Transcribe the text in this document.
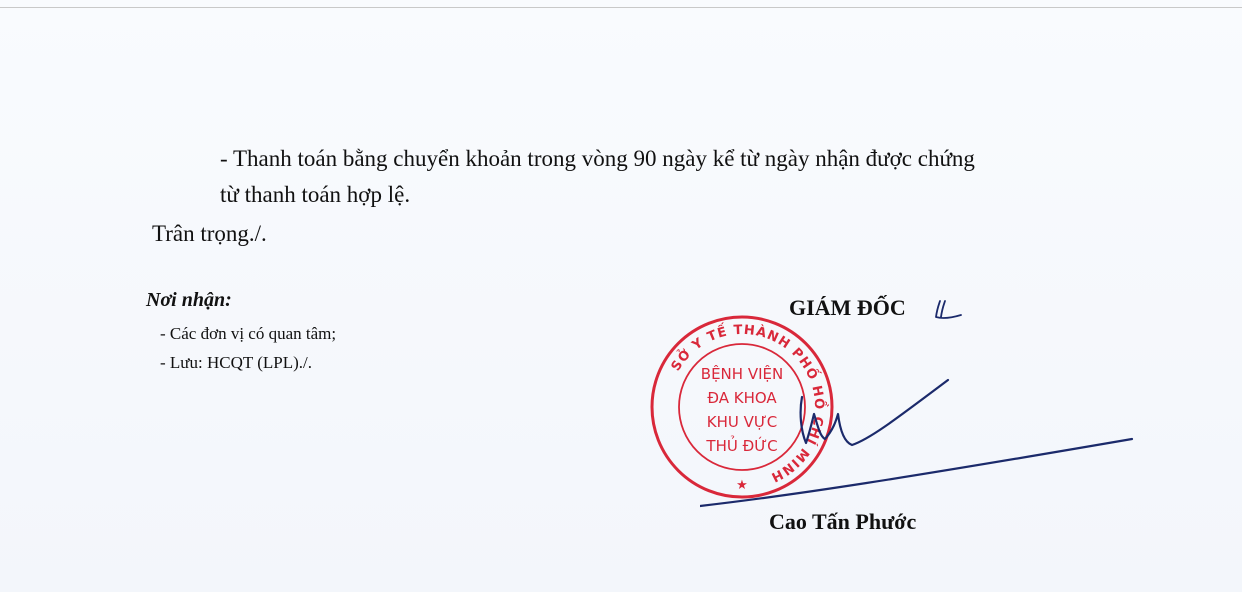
- Thanh toán bằng chuyển khoản trong vòng 90 ngày kể từ ngày nhận được chứng
từ thanh toán hợp lệ.
Trân trọng./.
Nơi nhận:
- Các đơn vị có quan tâm;
- Lưu: HCQT (LPL)./.
GIÁM ĐỐC
SỞ Y TẾ THÀNH PHỐ HỒ CHÍ MINH
BỆNH VIỆN
ĐA KHOA
KHU VỰC
THỦ ĐỨC
★
Cao Tấn Phước
